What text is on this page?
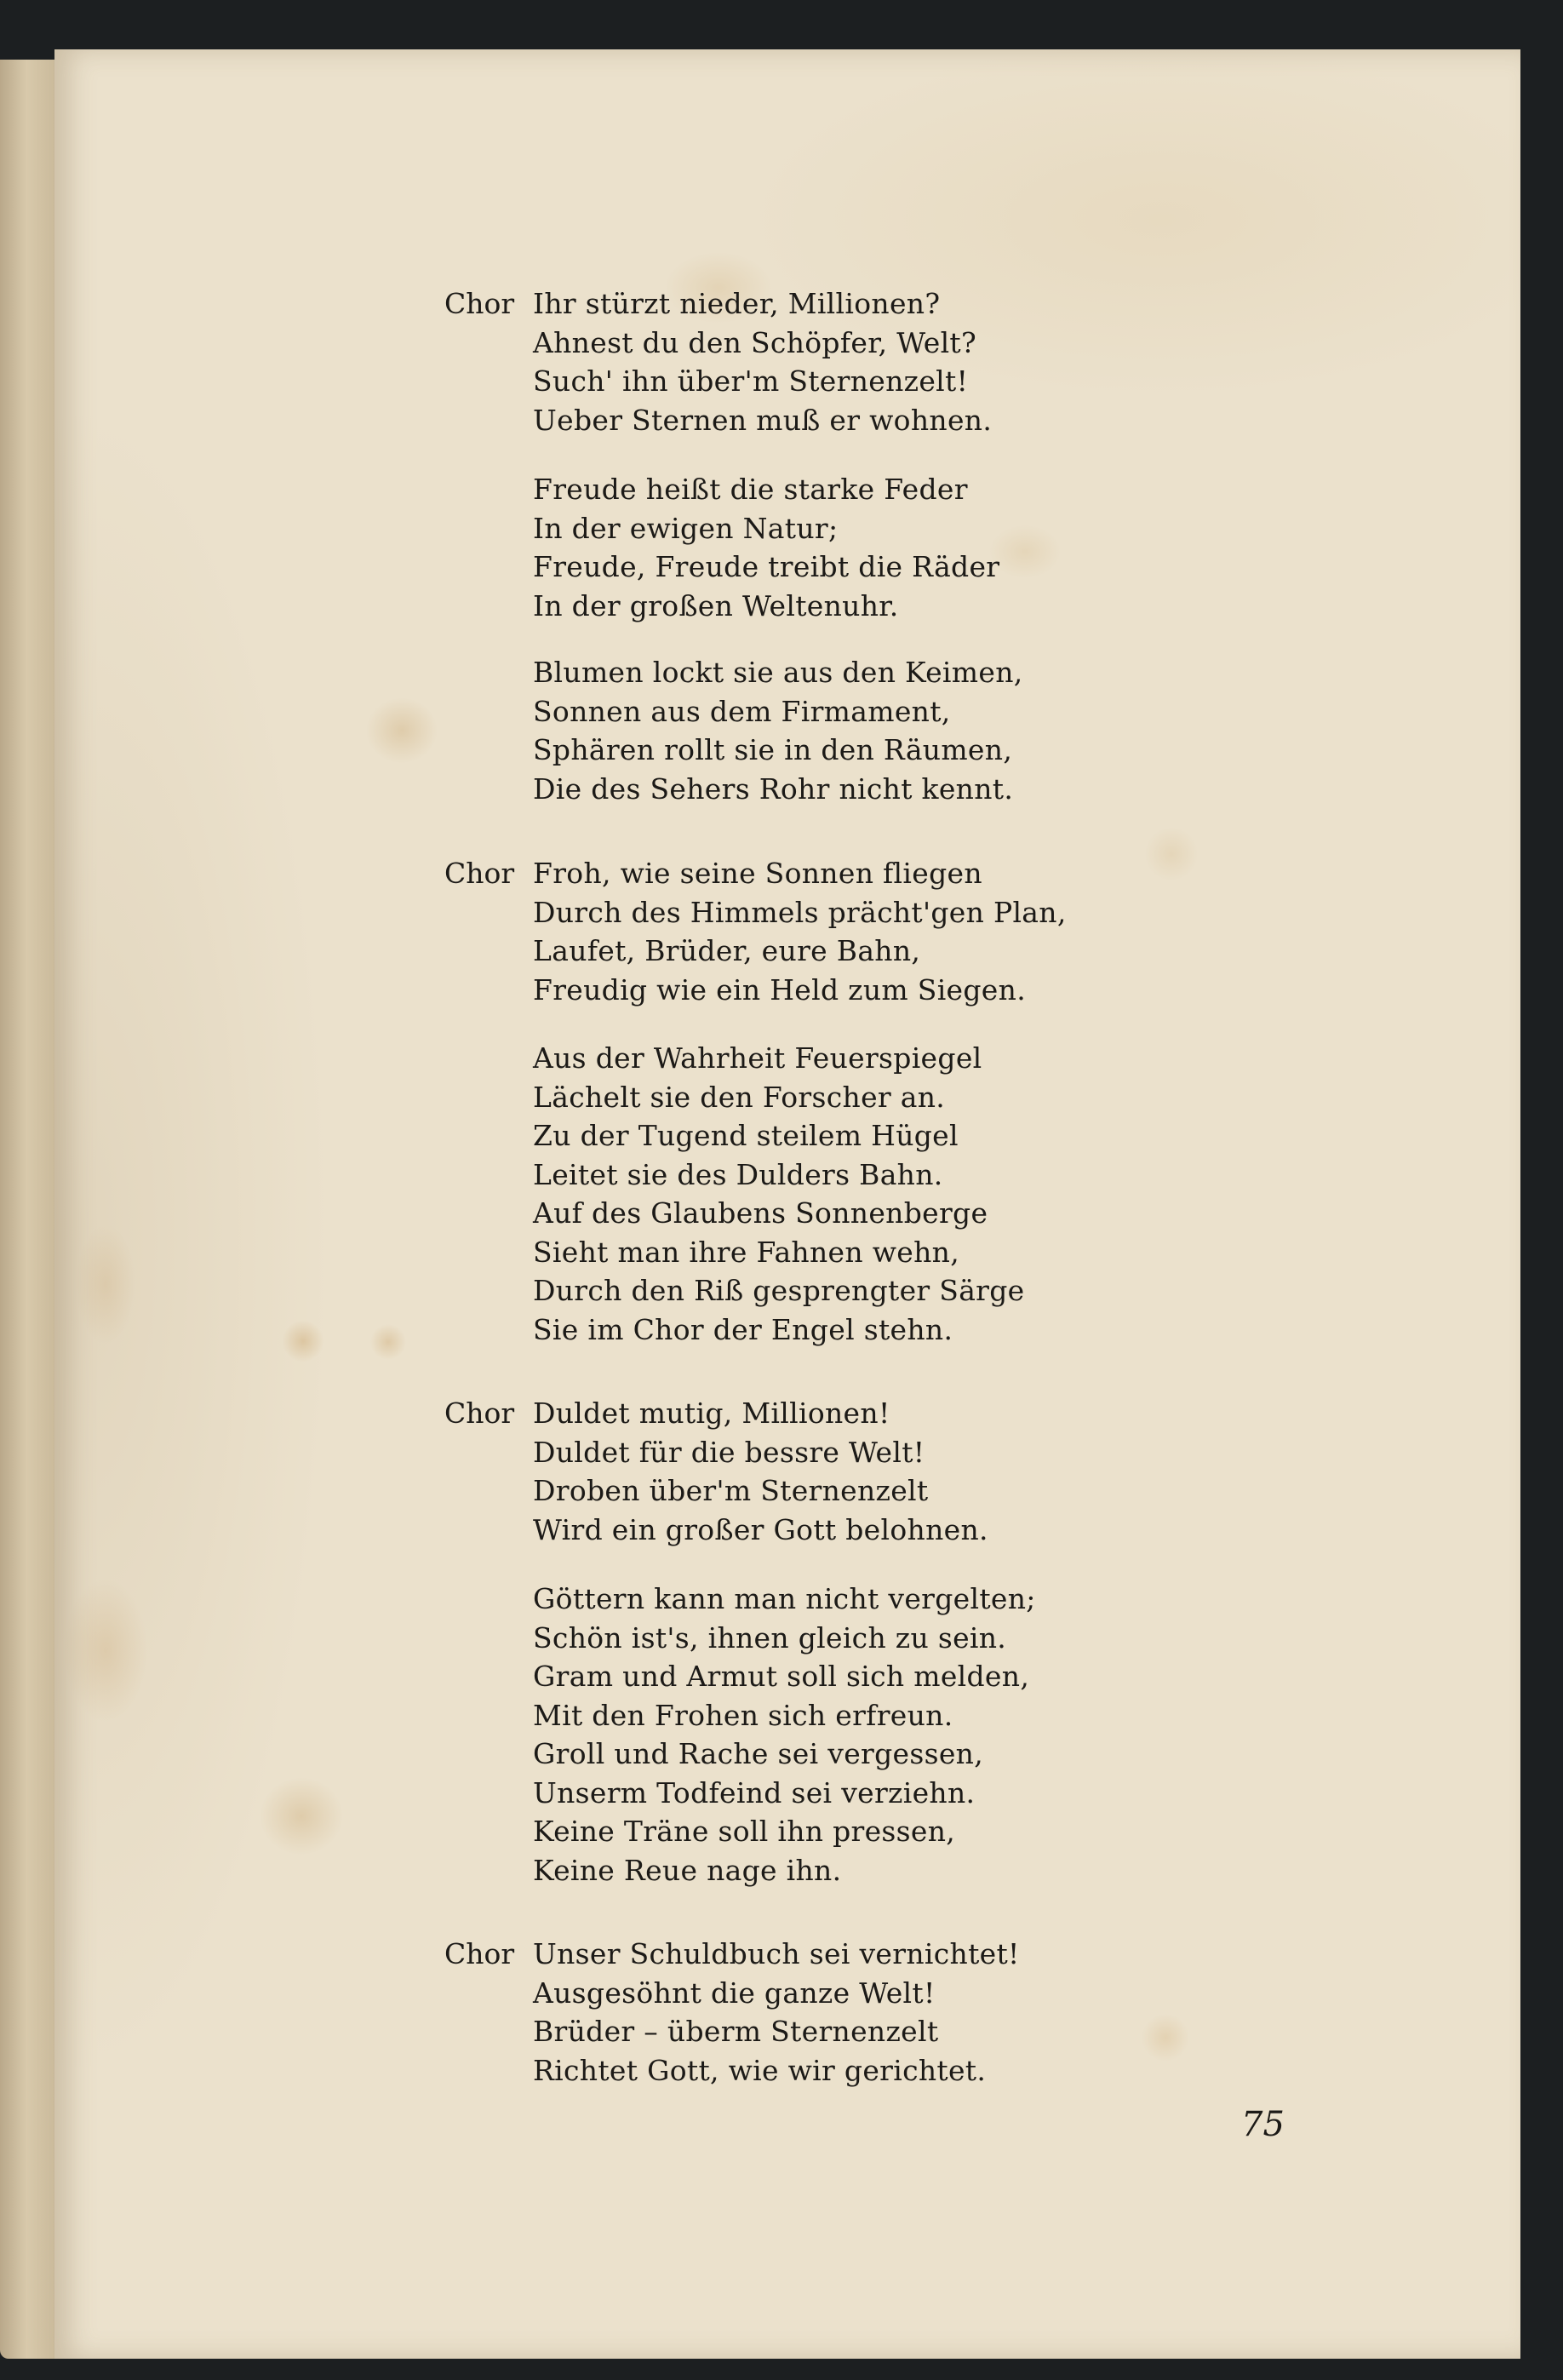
Chor Ihr stürzt nieder, Millionen?
Ahnest du den Schöpfer, Welt?
Such' ihn über'm Sternenzelt!
Ueber Sternen muß er wohnen.
Freude heißt die starke Feder
In der ewigen Natur;
Freude, Freude treibt die Räder
In der großen Weltenuhr.
Blumen lockt sie aus den Keimen,
Sonnen aus dem Firmament,
Sphären rollt sie in den Räumen,
Die des Sehers Rohr nicht kennt.
Chor Froh, wie seine Sonnen fliegen
Durch des Himmels prächt'gen Plan,
Laufet, Brüder, eure Bahn,
Freudig wie ein Held zum Siegen.
Aus der Wahrheit Feuerspiegel
Lächelt sie den Forscher an.
Zu der Tugend steilem Hügel
Leitet sie des Dulders Bahn.
Auf des Glaubens Sonnenberge
Sieht man ihre Fahnen wehn,
Durch den Riß gesprengter Särge
Sie im Chor der Engel stehn.
Chor Duldet mutig, Millionen!
Duldet für die bessre Welt!
Droben über'm Sternenzelt
Wird ein großer Gott belohnen.
Göttern kann man nicht vergelten;
Schön ist's, ihnen gleich zu sein.
Gram und Armut soll sich melden,
Mit den Frohen sich erfreun.
Groll und Rache sei vergessen,
Unserm Todfeind sei verziehn.
Keine Träne soll ihn pressen,
Keine Reue nage ihn.
Chor Unser Schuldbuch sei vernichtet!
Ausgesöhnt die ganze Welt!
Brüder – überm Sternenzelt
Richtet Gott, wie wir gerichtet.
75
